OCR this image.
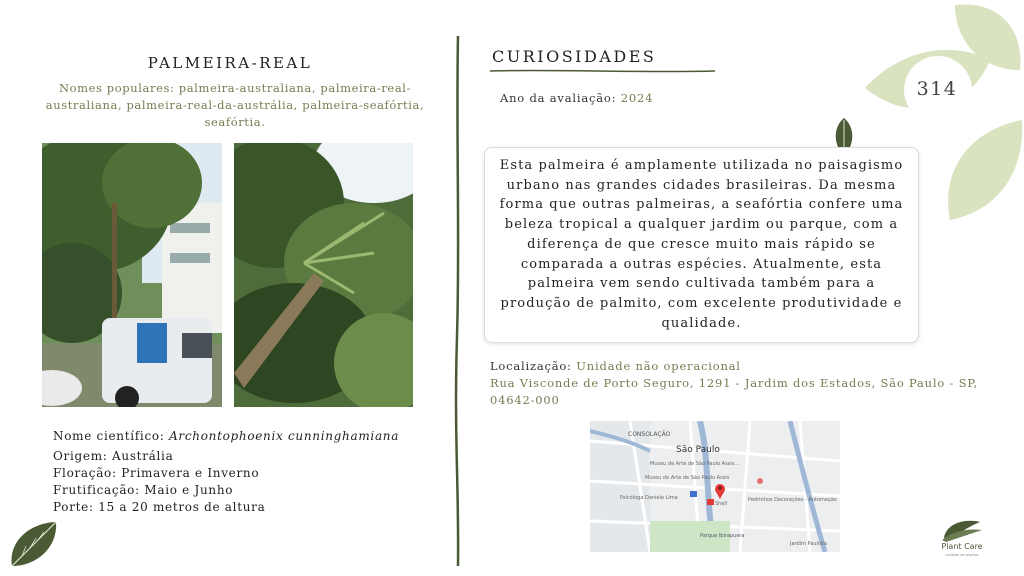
PALMEIRA-REAL
Nomes populares: palmeira-australiana, palmeira-real-australiana, palmeira-real-da-austrália, palmeira-seafórtia, seafórtia.
Nome científico: Archontophoenix cunninghamiana
Origem: Austrália
Floração: Primavera e Inverno
Frutificação: Maio e Junho
Porte: 15 a 20 metros de altura
CURIOSIDADES
Ano da avaliação: 2024
Esta palmeira é amplamente utilizada no paisagismo urbano nas grandes cidades brasileiras. Da mesma forma que outras palmeiras, a seafórtia confere uma beleza tropical a qualquer jardim ou parque, com a diferença de que cresce muito mais rápido se comparada a outras espécies. Atualmente, esta palmeira vem sendo cultivada também para a produção de palmito, com excelente produtividade e qualidade.
Localização: Unidade não operacional
Rua Visconde de Porto Seguro, 1291 - Jardim dos Estados, São Paulo - SP, 04642-000
CONSOLAÇÃO
São Paulo
Museu de Arte de São Paulo Assis...
Psicóloga Daniele Lima
Shell
Pedrinhos Decorações - Automação
Museu de Arte de São Paulo Assis
Parque Ibirapuera
Jardim Paulista
314
Plant Care
cuidado de plantas
